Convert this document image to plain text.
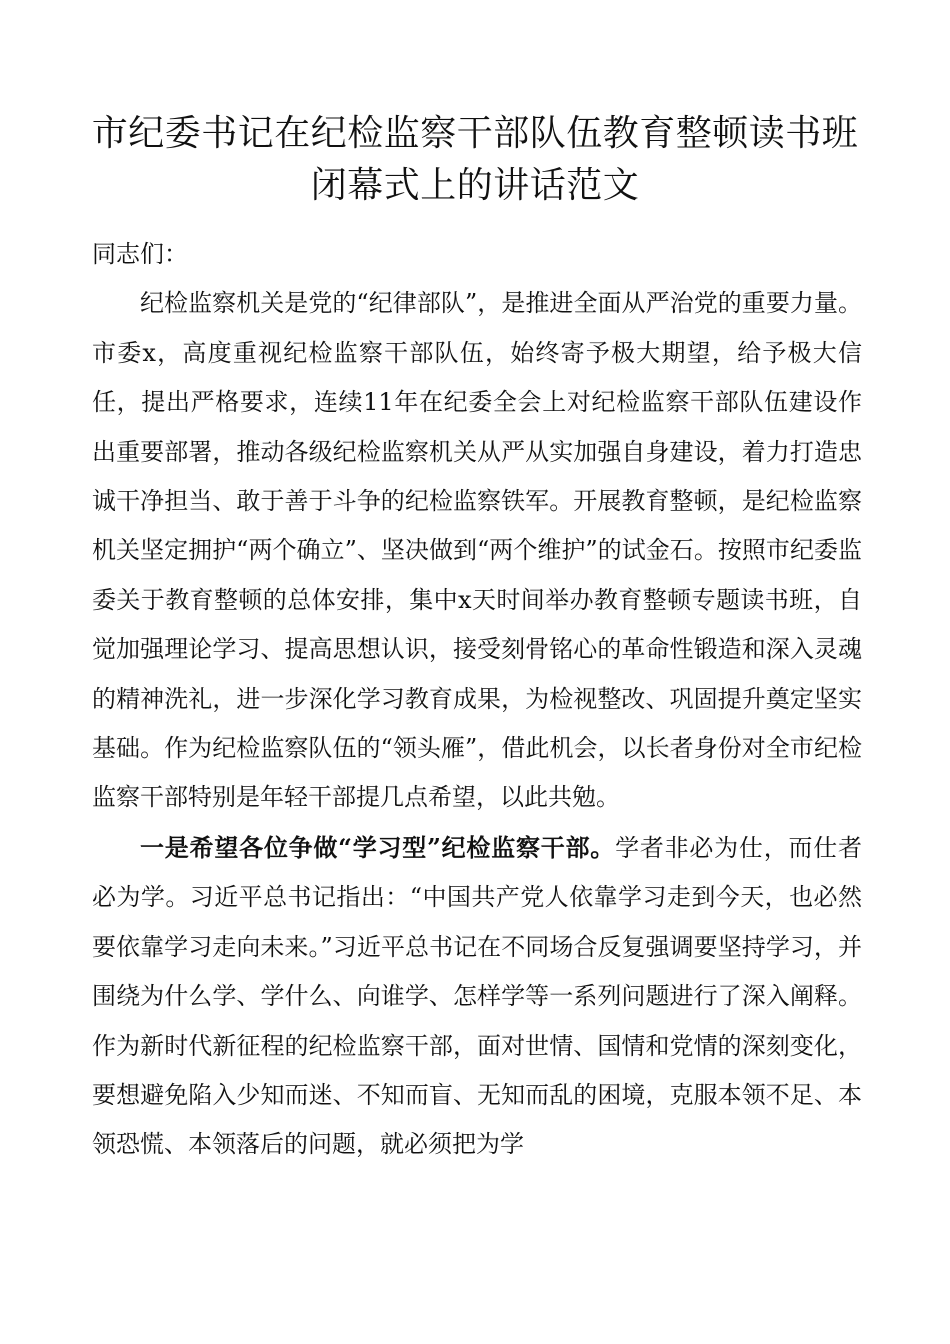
市纪委书记在纪检监察干部队伍教育整顿读书班
闭幕式上的讲话范文

同志们：

纪检监察机关是党的“纪律部队”，是推进全面从严治党的重要力量。市委x，高度重视纪检监察干部队伍，始终寄予极大期望，给予极大信任，提出严格要求，连续11年在纪委全会上对纪检监察干部队伍建设作出重要部署，推动各级纪检监察机关从严从实加强自身建设，着力打造忠诚干净担当、敢于善于斗争的纪检监察铁军。开展教育整顿，是纪检监察机关坚定拥护“两个确立”、坚决做到“两个维护”的试金石。按照市纪委监委关于教育整顿的总体安排，集中x天时间举办教育整顿专题读书班，自觉加强理论学习、提高思想认识，接受刻骨铭心的革命性锻造和深入灵魂的精神洗礼，进一步深化学习教育成果，为检视整改、巩固提升奠定坚实基础。作为纪检监察队伍的“领头雁”，借此机会，以长者身份对全市纪检监察干部特别是年轻干部提几点希望，以此共勉。

一是希望各位争做“学习型”纪检监察干部。学者非必为仕，而仕者必为学。习近平总书记指出：“中国共产党人依靠学习走到今天，也必然要依靠学习走向未来。”习近平总书记在不同场合反复强调要坚持学习，并围绕为什么学、学什么、向谁学、怎样学等一系列问题进行了深入阐释。作为新时代新征程的纪检监察干部，面对世情、国情和党情的深刻变化，要想避免陷入少知而迷、不知而盲、无知而乱的困境，克服本领不足、本领恐慌、本领落后的问题，就必须把为学
